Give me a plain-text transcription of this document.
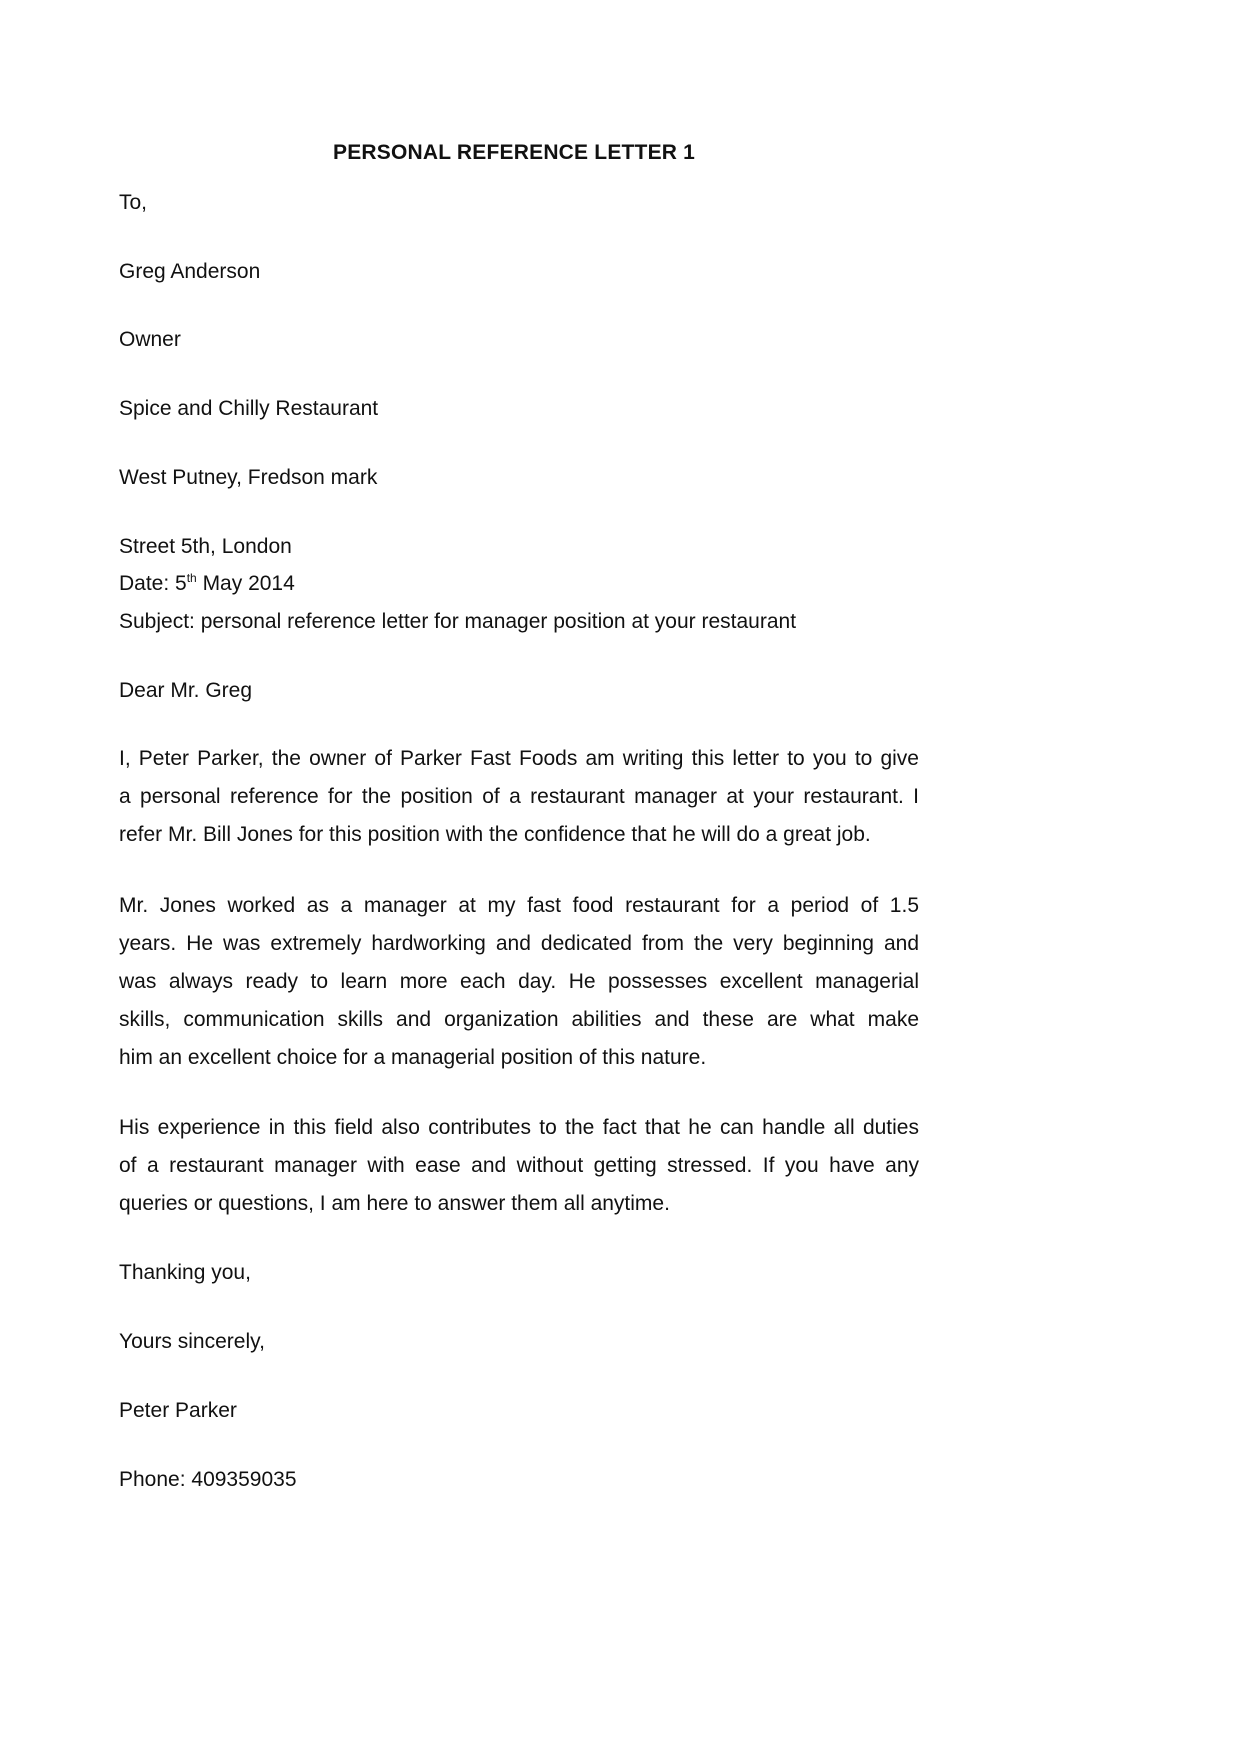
PERSONAL REFERENCE LETTER 1
To,
Greg Anderson
Owner
Spice and Chilly Restaurant
West Putney, Fredson mark
Street 5th, London
Date: 5th May 2014
Subject: personal reference letter for manager position at your restaurant
Dear Mr. Greg
I, Peter Parker, the owner of Parker Fast Foods am writing this letter to you to give
a personal reference for the position of a restaurant manager at your restaurant. I
refer Mr. Bill Jones for this position with the confidence that he will do a great job.
Mr. Jones worked as a manager at my fast food restaurant for a period of 1.5
years. He was extremely hardworking and dedicated from the very beginning and
was always ready to learn more each day. He possesses excellent managerial
skills, communication skills and organization abilities and these are what make
him an excellent choice for a managerial position of this nature.
His experience in this field also contributes to the fact that he can handle all duties
of a restaurant manager with ease and without getting stressed. If you have any
queries or questions, I am here to answer them all anytime.
Thanking you,
Yours sincerely,
Peter Parker
Phone: 409359035
